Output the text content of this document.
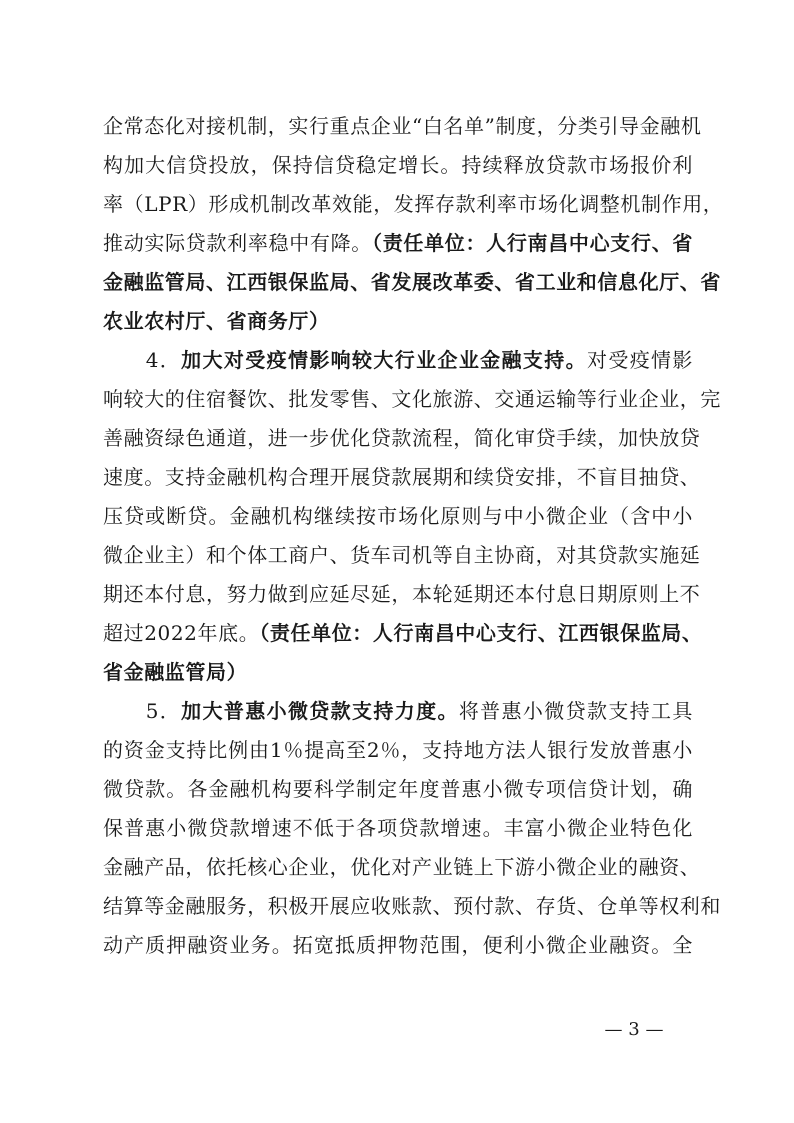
企常态化对接机制，实行重点企业“白名单”制度，分类引导金融机
构加大信贷投放，保持信贷稳定增长。持续释放贷款市场报价利
率（LPR）形成机制改革效能，发挥存款利率市场化调整机制作用，
推动实际贷款利率稳中有降。（责任单位：人行南昌中心支行、省
金融监管局、江西银保监局、省发展改革委、省工业和信息化厅、省
农业农村厅、省商务厅）
　　4．加大对受疫情影响较大行业企业金融支持。对受疫情影
响较大的住宿餐饮、批发零售、文化旅游、交通运输等行业企业，完
善融资绿色通道，进一步优化贷款流程，简化审贷手续，加快放贷
速度。支持金融机构合理开展贷款展期和续贷安排，不盲目抽贷、
压贷或断贷。金融机构继续按市场化原则与中小微企业（含中小
微企业主）和个体工商户、货车司机等自主协商，对其贷款实施延
期还本付息，努力做到应延尽延，本轮延期还本付息日期原则上不
超过2022年底。（责任单位：人行南昌中心支行、江西银保监局、
省金融监管局）
　　5．加大普惠小微贷款支持力度。将普惠小微贷款支持工具
的资金支持比例由1％提高至2％，支持地方法人银行发放普惠小
微贷款。各金融机构要科学制定年度普惠小微专项信贷计划，确
保普惠小微贷款增速不低于各项贷款增速。丰富小微企业特色化
金融产品，依托核心企业，优化对产业链上下游小微企业的融资、
结算等金融服务，积极开展应收账款、预付款、存货、仓单等权利和
动产质押融资业务。拓宽抵质押物范围，便利小微企业融资。全
— 3 —
